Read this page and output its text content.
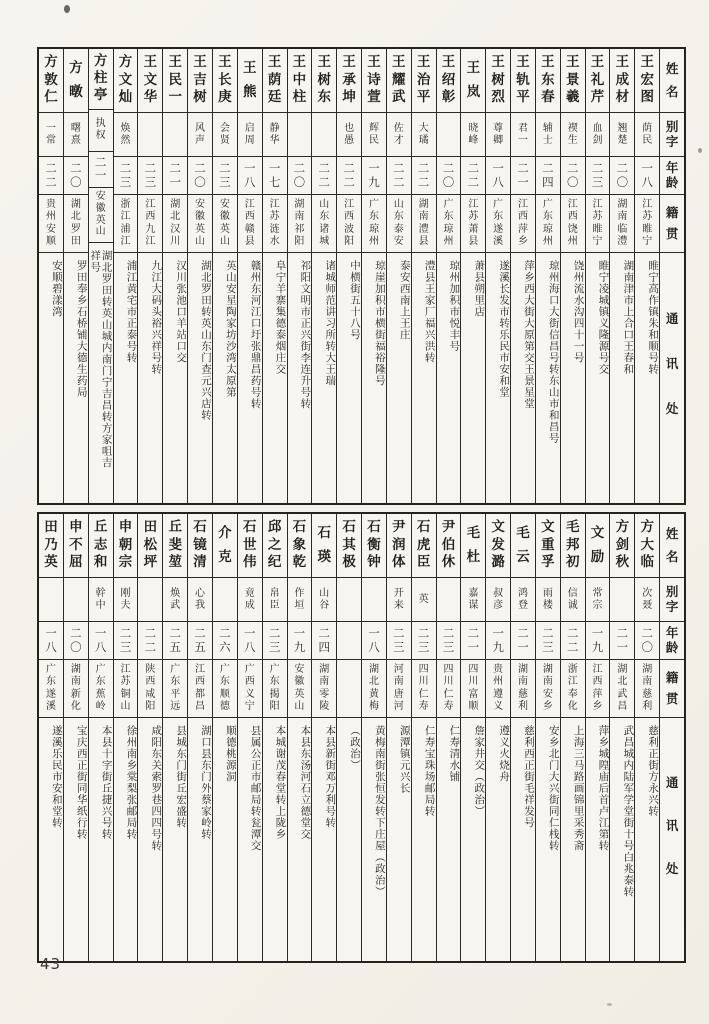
姓
名
别
字
年
龄
籍
贯
通
讯
处
王
宏
图
荫
民
一
八
江
苏
睢
宁
睢宁高作镇朱和顺号转
王
成
材
翘
楚
二
〇
湖
南
临
澧
湖南津市上合口王春和
王
礼
芹
血
剑
二
三
江
苏
睢
宁
睢宁凌城镇义隆源号交
王
景
羲
禊
生
二
〇
江
西
饶
州
饶州流水沟四十一号
王
东
春
辅
士
二
四
广
东
琼
州
琼州海口大街信昌号转东山市和昌号
王
轨
平
君
一
二
一
江
西
萍
乡
萍乡西大街大原第交王景星堂
王
树
烈
尊
卿
一
八
广
东
遂
溪
遂溪长发市转乐民市安和堂
王
岚
晓
峰
二
二
江
苏
萧
县
萧县朔里店
王
绍
彰
二
〇
广
东
琼
州
琼州加积市悦丰号
王
治
平
大
璚
二
二
湖
南
澧
县
澧县王家厂福兴洪转
王
耀
武
佐
才
二
二
山
东
泰
安
泰安西南上王庄
王
诗
萱
辉
民
一
九
广
东
琼
州
琼崖加积市横街福裕隆号
王
承
坤
也
愚
二
二
江
西
波
阳
中横街五十八号
王
树
东
二
二
山
东
诸
城
诸城师范讲习所转大王瑞
王
中
柱
二
〇
湖
南
祁
阳
祁阳文明市正兴街李连升号转
王
荫
廷
静
华
一
七
江
苏
涟
水
阜宁羊寨集德泰烟庄交
王
熊
启
周
一
八
江
西
赣
县
赣州东河江口圩张鼎昌药号转
王
长
庚
会
贤
二
三
安
徽
英
山
英山安星陶家坊沙湾太原第
王
吉
树
风
声
二
〇
安
徽
英
山
湖北罗田转英山东门查元兴店转
王
民
一
二
一
湖
北
汉
川
汉川张池口羊站口交
王
文
华
二
三
江
西
九
江
九江大码头裕兴祥号转
方
文
灿
焕
然
二
三
浙
江
浦
江
浦江黄宅市正泰号转
方
柱
亭
执
权
二
一
安
徽
英
山
湖北罗田转英山城内南门宁吉昌转方家咀吉祥号
方
暾
曙
熹
二
〇
湖
北
罗
田
罗田奉乡石桥铺大德生药局
方
敦
仁
一
常
二
二
贵
州
安
顺
安顺碧漾湾
姓
名
别
字
年
龄
籍
贯
通
讯
处
方
大
临
次
聂
二
〇
湖
南
慈
利
慈利正街方永兴转
方
剑
秋
二
一
湖
北
武
昌
武昌城内陆军学堂街十号白兆泰转
文
励
常
宗
一
九
江
西
萍
乡
萍乡城隍庙后首卢江第转
毛
邦
初
信
诚
二
二
浙
江
奉
化
上海三马路画锦里采秀斋
文
重
孚
雨
楼
二
三
湖
南
安
乡
安乡北门大兴街同仁栈转
毛
云
鸿
登
二
一
湖
南
慈
利
慈利西正街毛祥发号
文
发
潞
叔
彦
一
九
贵
州
遵
义
遵义火烧舟
毛
杜
嘉
谋
二
一
四
川
富
顺
詹家井交（政治）
尹
伯
休
二
三
四
川
仁
寿
仁寿清水铺
石
虎
臣
英
二
三
四
川
仁
寿
仁寿宝珠场邮局转
尹
润
体
开
来
二
三
河
南
唐
河
源潭镇元兴长
石
衡
钟
一
八
湖
北
黄
梅
黄梅南街张恒发转下庄屋（政治）
石
其
极
（政治）
石
瑛
山
谷
二
四
湖
南
零
陵
本县新街邓万利号转
石
象
乾
作
垣
一
九
安
徽
英
山
本县东汤河石立德堂交
邱
之
纪
帛
臣
二
三
广
东
揭
阳
本城谢茂春堂转上陇乡
石
世
伟
竟
成
一
八
广
西
义
宁
县属公正市邮局转瓮潭交
介
克
二
六
广
东
顺
德
顺德桃源洞
石
镜
清
心
我
二
五
江
西
都
昌
湖口县东门外蔡家岭转
丘
斐
堃
焕
武
二
五
广
东
平
远
县城东门街丘宏盛转
田
松
坪
二
二
陕
西
咸
阳
咸阳东关索罗巷四四号转
申
朝
宗
刚
夫
二
三
江
苏
铜
山
徐州南乡棠梨张邮局转
丘
志
和
幹
中
一
八
广
东
蕉
岭
本县十字街丘捷兴号转
申
不
屈
二
〇
湖
南
新
化
宝庆西正街同华纸行转
田
乃
英
一
八
广
东
遂
溪
遂溪乐民市安和堂转
43
